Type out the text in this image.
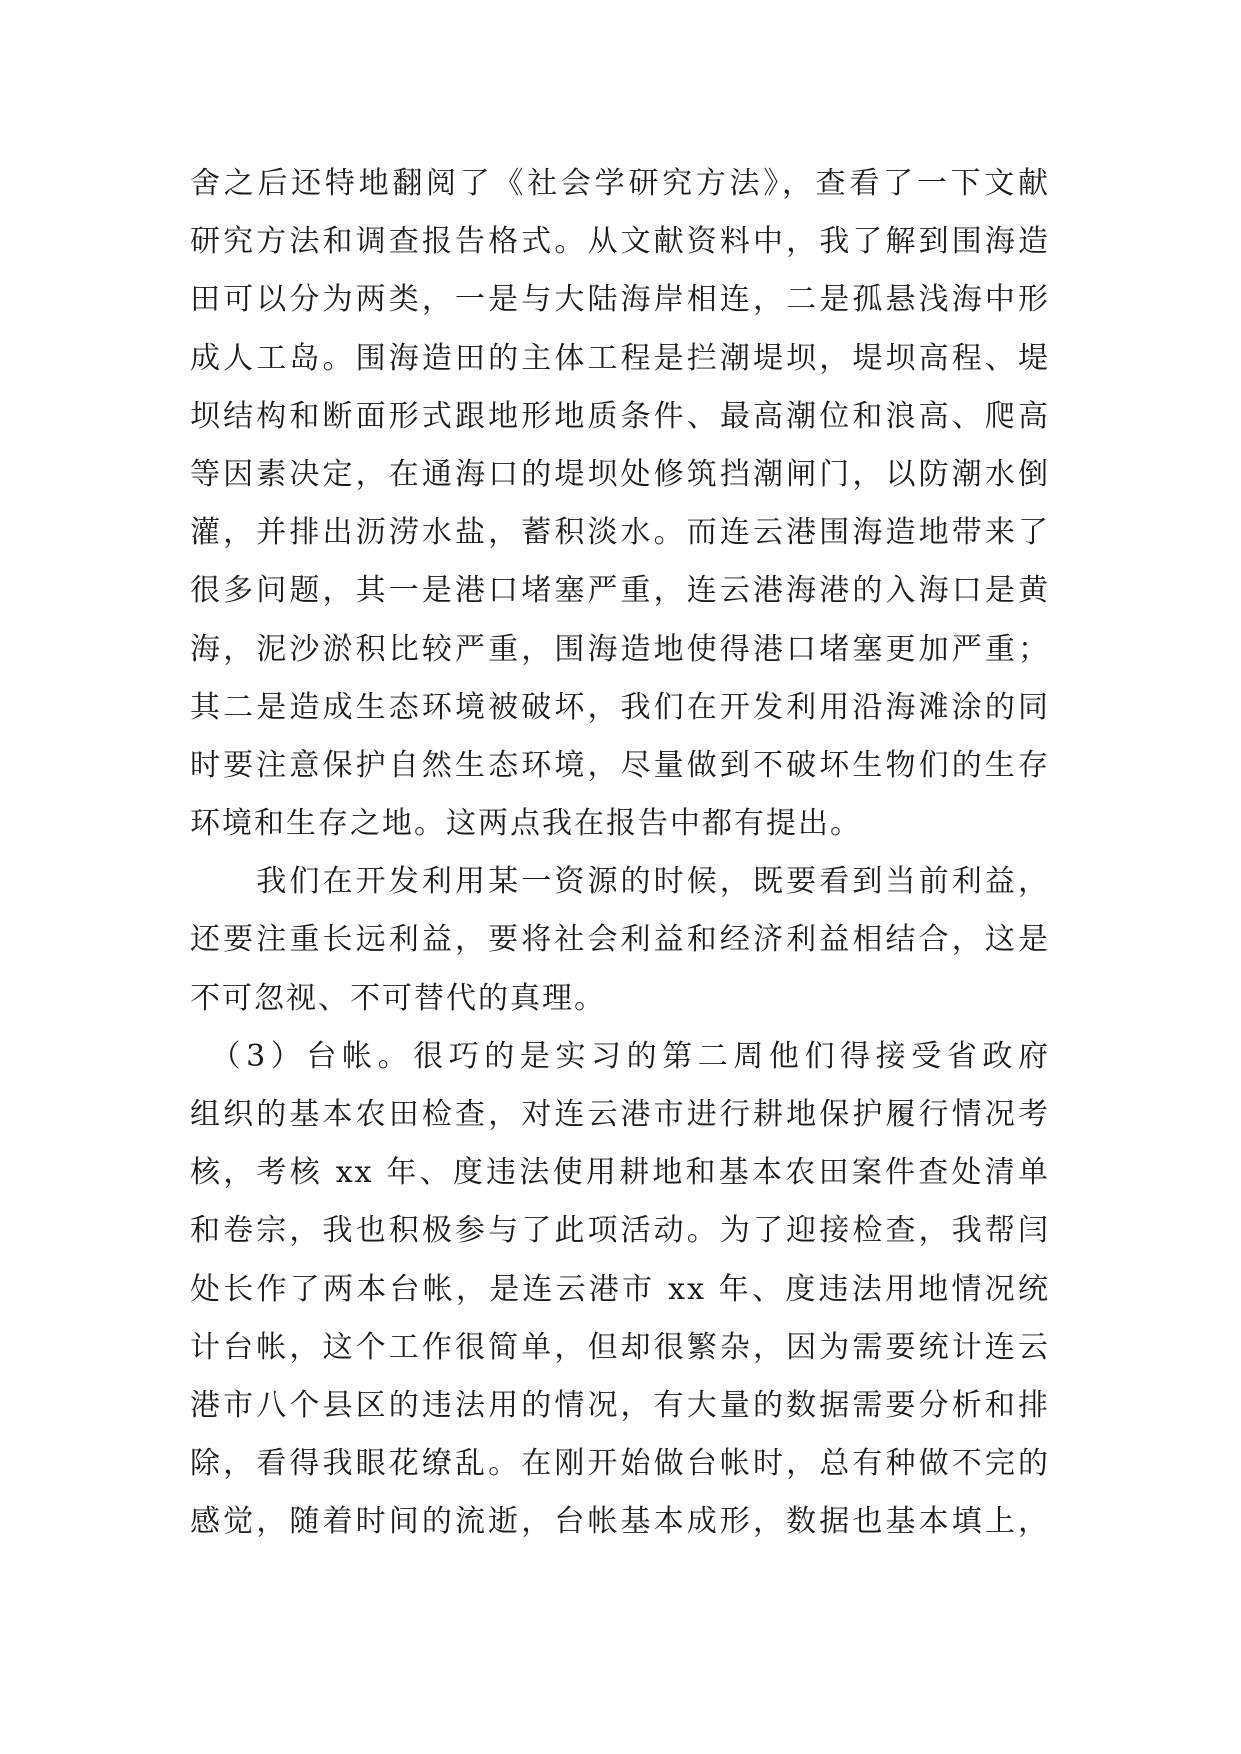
舍之后还特地翻阅了《社会学研究方法》，查看了一下文献
研究方法和调查报告格式。从文献资料中，我了解到围海造
田可以分为两类，一是与大陆海岸相连，二是孤悬浅海中形
成人工岛。围海造田的主体工程是拦潮堤坝，堤坝高程、堤
坝结构和断面形式跟地形地质条件、最高潮位和浪高、爬高
等因素决定，在通海口的堤坝处修筑挡潮闸门，以防潮水倒
灌，并排出沥涝水盐，蓄积淡水。而连云港围海造地带来了
很多问题，其一是港口堵塞严重，连云港海港的入海口是黄
海，泥沙淤积比较严重，围海造地使得港口堵塞更加严重；
其二是造成生态环境被破坏，我们在开发利用沿海滩涂的同
时要注意保护自然生态环境，尽量做到不破坏生物们的生存
环境和生存之地。这两点我在报告中都有提出。
　　我们在开发利用某一资源的时候，既要看到当前利益，
还要注重长远利益，要将社会利益和经济利益相结合，这是
不可忽视、不可替代的真理。
　（3）台帐。很巧的是实习的第二周他们得接受省政府
组织的基本农田检查，对连云港市进行耕地保护履行情况考
核，考核 xx 年、度违法使用耕地和基本农田案件查处清单
和卷宗，我也积极参与了此项活动。为了迎接检查，我帮闫
处长作了两本台帐，是连云港市 xx 年、度违法用地情况统
计台帐，这个工作很简单，但却很繁杂，因为需要统计连云
港市八个县区的违法用的情况，有大量的数据需要分析和排
除，看得我眼花缭乱。在刚开始做台帐时，总有种做不完的
感觉，随着时间的流逝，台帐基本成形，数据也基本填上，
